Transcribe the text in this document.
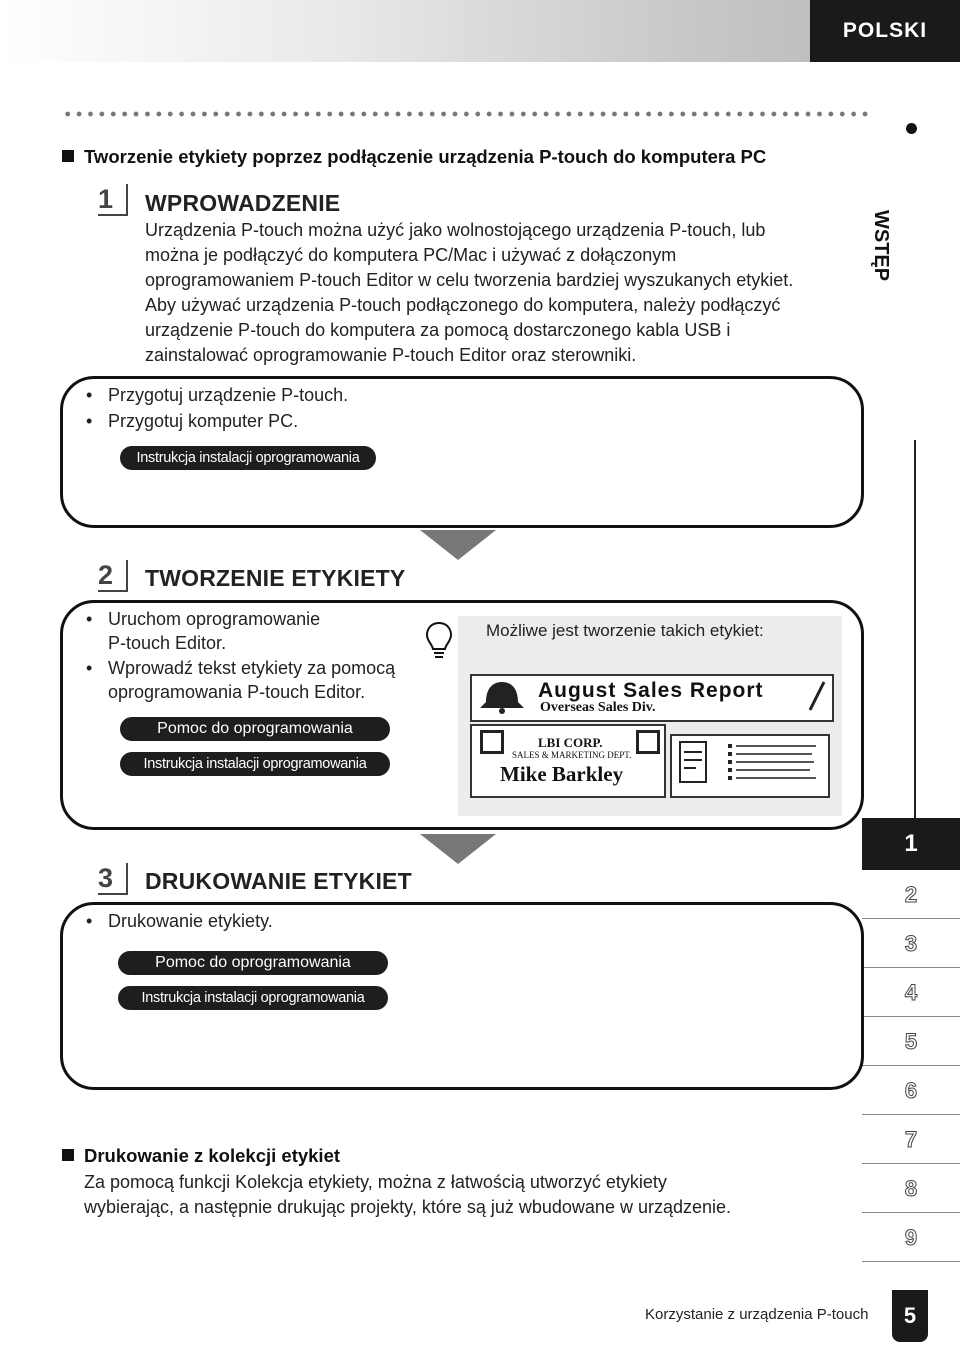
POLSKI
WSTĘP
1
2
3
4
5
6
7
8
9
Tworzenie etykiety poprzez podłączenie urządzenia P-touch do komputera PC
1 WPROWADZENIE
Urządzenia P-touch można użyć jako wolnostojącego urządzenia P-touch, lub
można je podłączyć do komputera PC/Mac i używać z dołączonym
oprogramowaniem P-touch Editor w celu tworzenia bardziej wyszukanych etykiet.
Aby używać urządzenia P-touch podłączonego do komputera, należy podłączyć
urządzenie P-touch do komputera za pomocą dostarczonego kabla USB i
zainstalować oprogramowanie P-touch Editor oraz sterowniki.
• Przygotuj urządzenie P-touch.
• Przygotuj komputer PC.
Instrukcja instalacji oprogramowania
2 TWORZENIE ETYKIETY
• Uruchom oprogramowanie
P-touch Editor.
• Wprowadź tekst etykiety za pomocą
oprogramowania P-touch Editor.
Pomoc do oprogramowania
Instrukcja instalacji oprogramowania
Możliwe jest tworzenie takich etykiet:
August Sales Report
Overseas Sales Div.
LBI CORP.
SALES & MARKETING DEPT.
Mike Barkley
3 DRUKOWANIE ETYKIET
• Drukowanie etykiety.
Pomoc do oprogramowania
Instrukcja instalacji oprogramowania
Drukowanie z kolekcji etykiet
Za pomocą funkcji Kolekcja etykiety, można z łatwością utworzyć etykiety
wybierając, a następnie drukując projekty, które są już wbudowane w urządzenie.
Korzystanie z urządzenia P-touch	5
